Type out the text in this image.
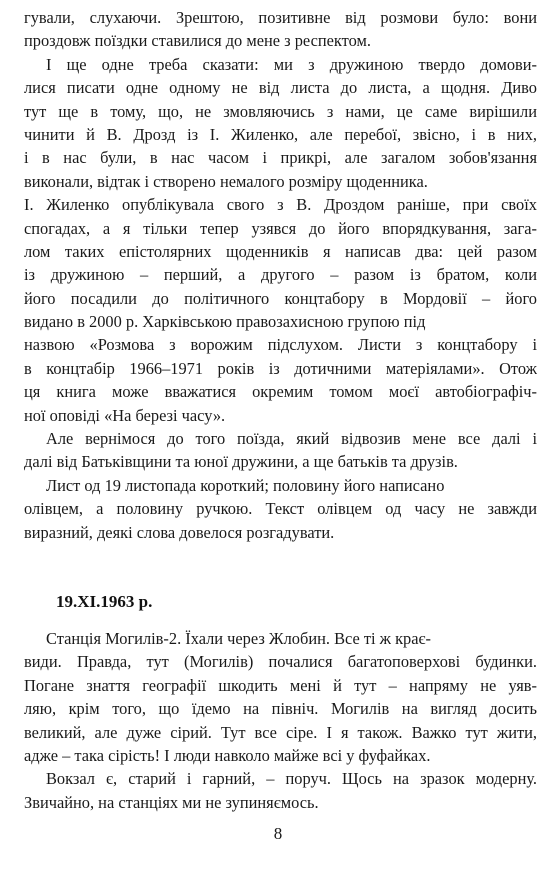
гували, слухаючи. Зрештою, позитивне від розмови було: вони
проздовж поїздки ставилися до мене з респектом.
І ще одне треба сказати: ми з дружиною твердо домови-
лися писати одне одному не від листа до листа, а щодня. Диво
тут ще в тому, що, не змовляючись з нами, це саме вирішили
чинити й В. Дрозд із І. Жиленко, але перебої, звісно, і в них,
і в нас були, в нас часом і прикрі, але загалом зобов'язання
виконали, відтак і створено немалого розміру щоденника.
І. Жиленко опублікувала свого з В. Дроздом раніше, при своїх
спогадах, а я тільки тепер узявся до його впорядкування, зага-
лом таких епістолярних щоденників я написав два: цей разом
із дружиною – перший, а другого – разом із братом, коли
його посадили до політичного концтабору в Мордовії – його
видано в 2000 р. Харківською правозахисною групою під
назвою «Розмова з ворожим підслухом. Листи з концтабору і
в концтабір 1966–1971 років із дотичними матеріялами». Отож
ця книга може вважатися окремим томом моєї автобіографіч-
ної оповіді «На березі часу».
Але вернімося до того поїзда, який відвозив мене все далі і
далі від Батьківщини та юної дружини, а ще батьків та друзів.
Лист од 19 листопада короткий; половину його написано
олівцем, а половину ручкою. Текст олівцем од часу не завжди
виразний, деякі слова довелося розгадувати.
19.XI.1963 р.
Станція Могилів-2. Їхали через Жлобин. Все ті ж крає-
види. Правда, тут (Могилів) почалися багатоповерхові будинки.
Погане знаття географії шкодить мені й тут – напряму не уяв-
ляю, крім того, що їдемо на північ. Могилів на вигляд досить
великий, але дуже сірий. Тут все сіре. І я також. Важко тут жити,
адже – така сірість! І люди навколо майже всі у фуфайках.
Вокзал є, старий і гарний, – поруч. Щось на зразок модерну.
Звичайно, на станціях ми не зупиняємось.
8
